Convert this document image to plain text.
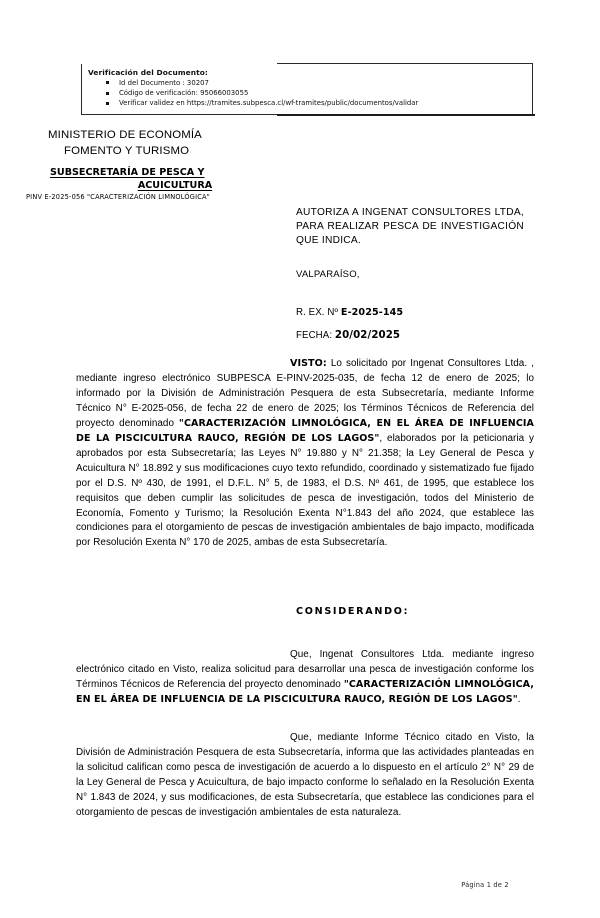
Verificación del Documento:
Id del Documento : 30207
Código de verificación: 95066003055
Verificar validez en https://tramites.subpesca.cl/wf-tramites/public/documentos/validar
MINISTERIO DE ECONOMÍA
FOMENTO Y TURISMO
SUBSECRETARÍA DE PESCA Y
ACUICULTURA
PINV E-2025-056 "CARACTERIZACIÓN LIMNOLÓGICA"
AUTORIZA A INGENAT CONSULTORES LTDA, PARA REALIZAR PESCA DE INVESTIGACIÓN QUE INDICA.
VALPARAÍSO,
R. EX. Nº E-2025-145
FECHA: 20/02/2025

VISTO: Lo solicitado por Ingenat Consultores Ltda. , mediante ingreso electrónico SUBPESCA E-PINV-2025-035, de fecha 12 de enero de 2025; lo informado por la División de Administración Pesquera de esta Subsecretaría, mediante Informe Técnico N° E-2025-056, de fecha 22 de enero de 2025; los Términos Técnicos de Referencia del proyecto denominado "CARACTERIZACIÓN LIMNOLÓGICA, EN EL ÁREA DE INFLUENCIA DE LA PISCICULTURA RAUCO, REGIÓN DE LOS LAGOS", elaborados por la peticionaria y aprobados por esta Subsecretaría; las Leyes N° 19.880 y N° 21.358; la Ley General de Pesca y Acuicultura N° 18.892 y sus modificaciones cuyo texto refundido, coordinado y sistematizado fue fijado por el D.S. Nº 430, de 1991, el D.F.L. N° 5, de 1983, el D.S. Nº 461, de 1995, que establece los requisitos que deben cumplir las solicitudes de pesca de investigación, todos del Ministerio de Economía, Fomento y Turismo; la Resolución Exenta N°1.843 del año 2024, que establece las condiciones para el otorgamiento de pescas de investigación ambientales de bajo impacto, modificada por Resolución Exenta N° 170 de 2025, ambas de esta Subsecretaría.

CONSIDERANDO:

Que, Ingenat Consultores Ltda. mediante ingreso electrónico citado en Visto, realiza solicitud para desarrollar una pesca de investigación conforme los Términos Técnicos de Referencia del proyecto denominado "CARACTERIZACIÓN LIMNOLÓGICA, EN EL ÁREA DE INFLUENCIA DE LA PISCICULTURA RAUCO, REGIÓN DE LOS LAGOS".

Que, mediante Informe Técnico citado en Visto, la División de Administración Pesquera de esta Subsecretaría, informa que las actividades planteadas en la solicitud califican como pesca de investigación de acuerdo a lo dispuesto en el artículo 2° N° 29 de la Ley General de Pesca y Acuicultura, de bajo impacto conforme lo señalado en la Resolución Exenta N° 1.843 de 2024, y sus modificaciones, de esta Subsecretaría, que establece las condiciones para el otorgamiento de pescas de investigación ambientales de esta naturaleza.

Página 1 de 2
